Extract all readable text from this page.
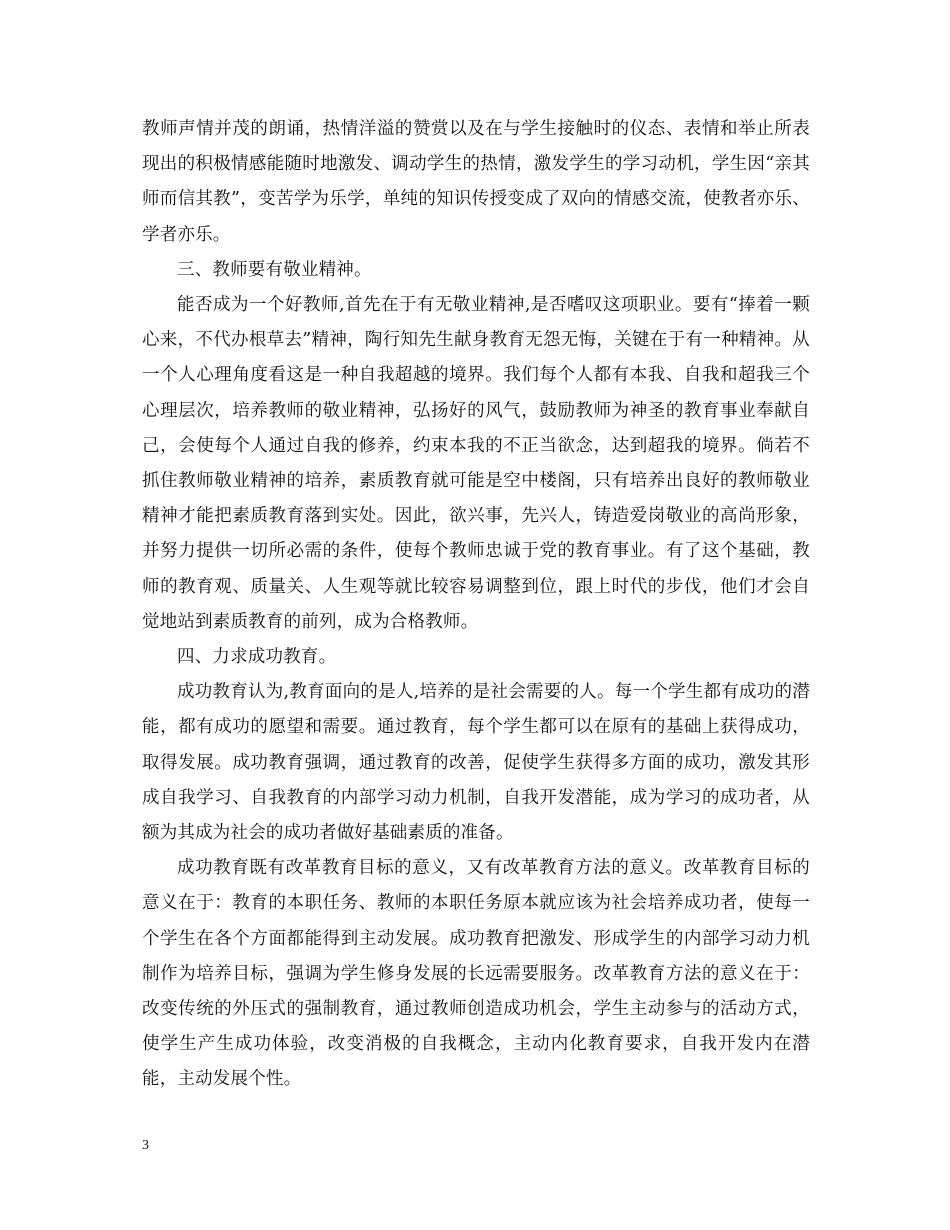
教师声情并茂的朗诵，热情洋溢的赞赏以及在与学生接触时的仪态、表情和举止所表现出的积极情感能随时地激发、调动学生的热情，激发学生的学习动机，学生因“亲其师而信其教”，变苦学为乐学，单纯的知识传授变成了双向的情感交流，使教者亦乐、学者亦乐。

三、教师要有敬业精神。

能否成为一个好教师,首先在于有无敬业精神,是否嗜叹这项职业。要有“捧着一颗心来，不代办根草去”精神，陶行知先生献身教育无怨无悔，关键在于有一种精神。从一个人心理角度看这是一种自我超越的境界。我们每个人都有本我、自我和超我三个心理层次，培养教师的敬业精神，弘扬好的风气，鼓励教师为神圣的教育事业奉献自己，会使每个人通过自我的修养，约束本我的不正当欲念，达到超我的境界。倘若不抓住教师敬业精神的培养，素质教育就可能是空中楼阁，只有培养出良好的教师敬业精神才能把素质教育落到实处。因此，欲兴事，先兴人，铸造爱岗敬业的高尚形象，并努力提供一切所必需的条件，使每个教师忠诚于党的教育事业。有了这个基础，教师的教育观、质量关、人生观等就比较容易调整到位，跟上时代的步伐，他们才会自觉地站到素质教育的前列，成为合格教师。

四、力求成功教育。

成功教育认为,教育面向的是人,培养的是社会需要的人。每一个学生都有成功的潜能，都有成功的愿望和需要。通过教育，每个学生都可以在原有的基础上获得成功，取得发展。成功教育强调，通过教育的改善，促使学生获得多方面的成功，激发其形成自我学习、自我教育的内部学习动力机制，自我开发潜能，成为学习的成功者，从额为其成为社会的成功者做好基础素质的准备。

成功教育既有改革教育目标的意义，又有改革教育方法的意义。改革教育目标的意义在于：教育的本职任务、教师的本职任务原本就应该为社会培养成功者，使每一个学生在各个方面都能得到主动发展。成功教育把激发、形成学生的内部学习动力机制作为培养目标，强调为学生修身发展的长远需要服务。改革教育方法的意义在于：改变传统的外压式的强制教育，通过教师创造成功机会，学生主动参与的活动方式，使学生产生成功体验，改变消极的自我概念，主动内化教育要求，自我开发内在潜能，主动发展个性。

3
